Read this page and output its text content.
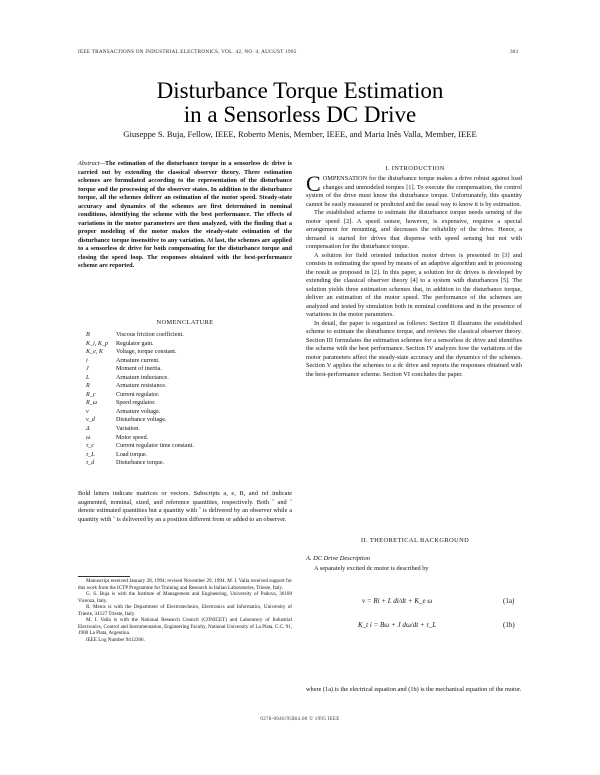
IEEE TRANSACTIONS ON INDUSTRIAL ELECTRONICS, VOL. 42, NO. 4, AUGUST 1995	381
Disturbance Torque Estimation
in a Sensorless DC Drive
Giuseppe S. Buja, Fellow, IEEE, Roberto Menis, Member, IEEE, and Maria Inês Valla, Member, IEEE
Abstract—The estimation of the disturbance torque in a sensorless dc drive is carried out by extending the classical observer theory. Three estimation schemes are formulated according to the representation of the disturbance torque and the processing of the observer states. In addition to the disturbance torque, all the schemes deliver an estimation of the motor speed. Steady-state accuracy and dynamics of the schemes are first determined in nominal conditions, identifying the scheme with the best performance. The effects of variations in the motor parameters are then analyzed, with the finding that a proper modeling of the motor makes the steady-state estimation of the disturbance torque insensitive to any variation. At last, the schemes are applied to a sensorless dc drive for both compensating for the disturbance torque and closing the speed loop. The responses obtained with the best-performance scheme are reported.
NOMENCLATURE
B	Viscous friction coefficient.
K_i, K_p	Regulator gain.
K_e, K	Voltage, torque constant.
i	Armature current.
J	Moment of inertia.
L	Armature inductance.
R	Armature resistance.
R_c	Current regulator.
R_ω	Speed regulator.
v	Armature voltage.
v_d	Disturbance voltage.
Δ	Variation.
ω	Motor speed.
τ_c	Current regulator time constant.
τ_L	Load torque.
τ_d	Disturbance torque.
Bold letters indicate matrices or vectors. Subscripts a, e, B, and ref indicate augmented, nominal, sized, and reference quantities, respectively. Both ˆ and ˜ denote estimated quantities but a quantity with ˆ is delivered by an observer while a quantity with ˜ is delivered by an a position different from or added to an observer.

Manuscript received January 28, 1994; revised November 29, 1994. M. I. Valla received support for this work from the ICTP Programme for Training and Research in Italian Laboratories, Trieste, Italy.

G. S. Buja is with the Institute of Management and Engineering, University of Padova, 36100 Vicenza, Italy.

R. Menis is with the Department of Electrotechnics, Electronics and Informatics, University of Trieste, 34127 Trieste, Italy.

M. I. Valla is with the National Research Council (CONICET) and Laboratory of Industrial Electronics, Control and Instrumentation, Engineering Faculty, National University of La Plata, C.C. 91, 1900 La Plata, Argentina.

IEEE Log Number 9412366.

I. INTRODUCTION

COMPENSATION for the disturbance torque makes a drive robust against load changes and unmodeled torques [1]. To execute the compensation, the control system of the drive must know the disturbance torque. Unfortunately, this quantity cannot be easily measured or predicted and the usual way to know it is by estimation.

The established scheme to estimate the disturbance torque needs sensing of the motor speed [2]. A speed sensor, however, is expensive, requires a special arrangement for mounting, and decreases the reliability of the drive. Hence, a demand is started for drives that dispense with speed sensing but not with compensation for the disturbance torque.

A solution for field oriented induction motor drives is presented in [3] and consists in estimating the speed by means of an adaptive algorithm and in processing the result as proposed in [2]. In this paper, a solution for dc drives is developed by extending the classical observer theory [4] to a system with disturbances [5]. The solution yields three estimation schemes that, in addition to the disturbance torque, deliver an estimation of the motor speed. The performance of the schemes are analyzed and tested by simulation both in nominal conditions and in the presence of variations in the motor parameters.

In detail, the paper is organized as follows: Section II illustrates the established scheme to estimate the disturbance torque, and reviews the classical observer theory. Section III formulates the estimation schemes for a sensorless dc drive and identifies the scheme with the best performance. Section IV analyzes how the variations of the motor parameters affect the steady-state accuracy and the dynamics of the schemes. Section V applies the schemes to a dc drive and reports the responses obtained with the best-performance scheme. Section VI concludes the paper.

II. THEORETICAL BACKGROUND
A. DC Drive Description
A separately excited dc motor is described by
v = Ri + L di/dt + K_e ω	(1a)
K_t i = Bω + J dω/dt + τ_L	(1b)
where (1a) is the electrical equation and (1b) is the mechanical equation of the motor.
0278-0046/95$04.00 © 1995 IEEE
